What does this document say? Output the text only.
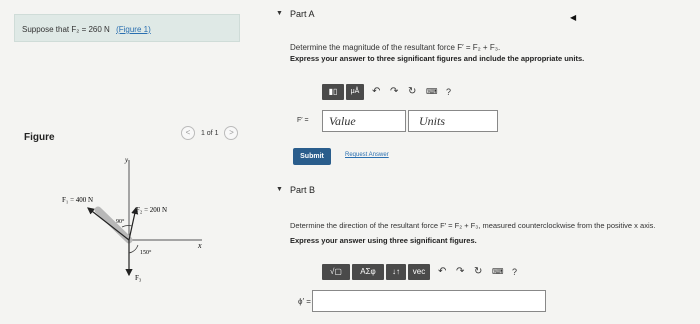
Suppose that F₂ = 260 N (Figure 1)
Figure	< 1 of 1 >
y
x
F₁ = 400 N
F₂ = 200 N
F₃
90°
150°
▼ Part A
Determine the magnitude of the resultant force F′ = F₂ + F₃.
Express your answer to three significant figures and include the appropriate units.
▮▯	μÅ	↶ ↷ ↻ ⌨ ?
F′ =	Value	Units
Submit	Request Answer
▼ Part B
Determine the direction of the resultant force F′ = F₂ + F₃, measured counterclockwise from the positive x axis.
Express your answer using three significant figures.
√▢	ΑΣφ	↓↑	vec	↶ ↷ ↻ ⌨ ?
ϕ′ =
◀
